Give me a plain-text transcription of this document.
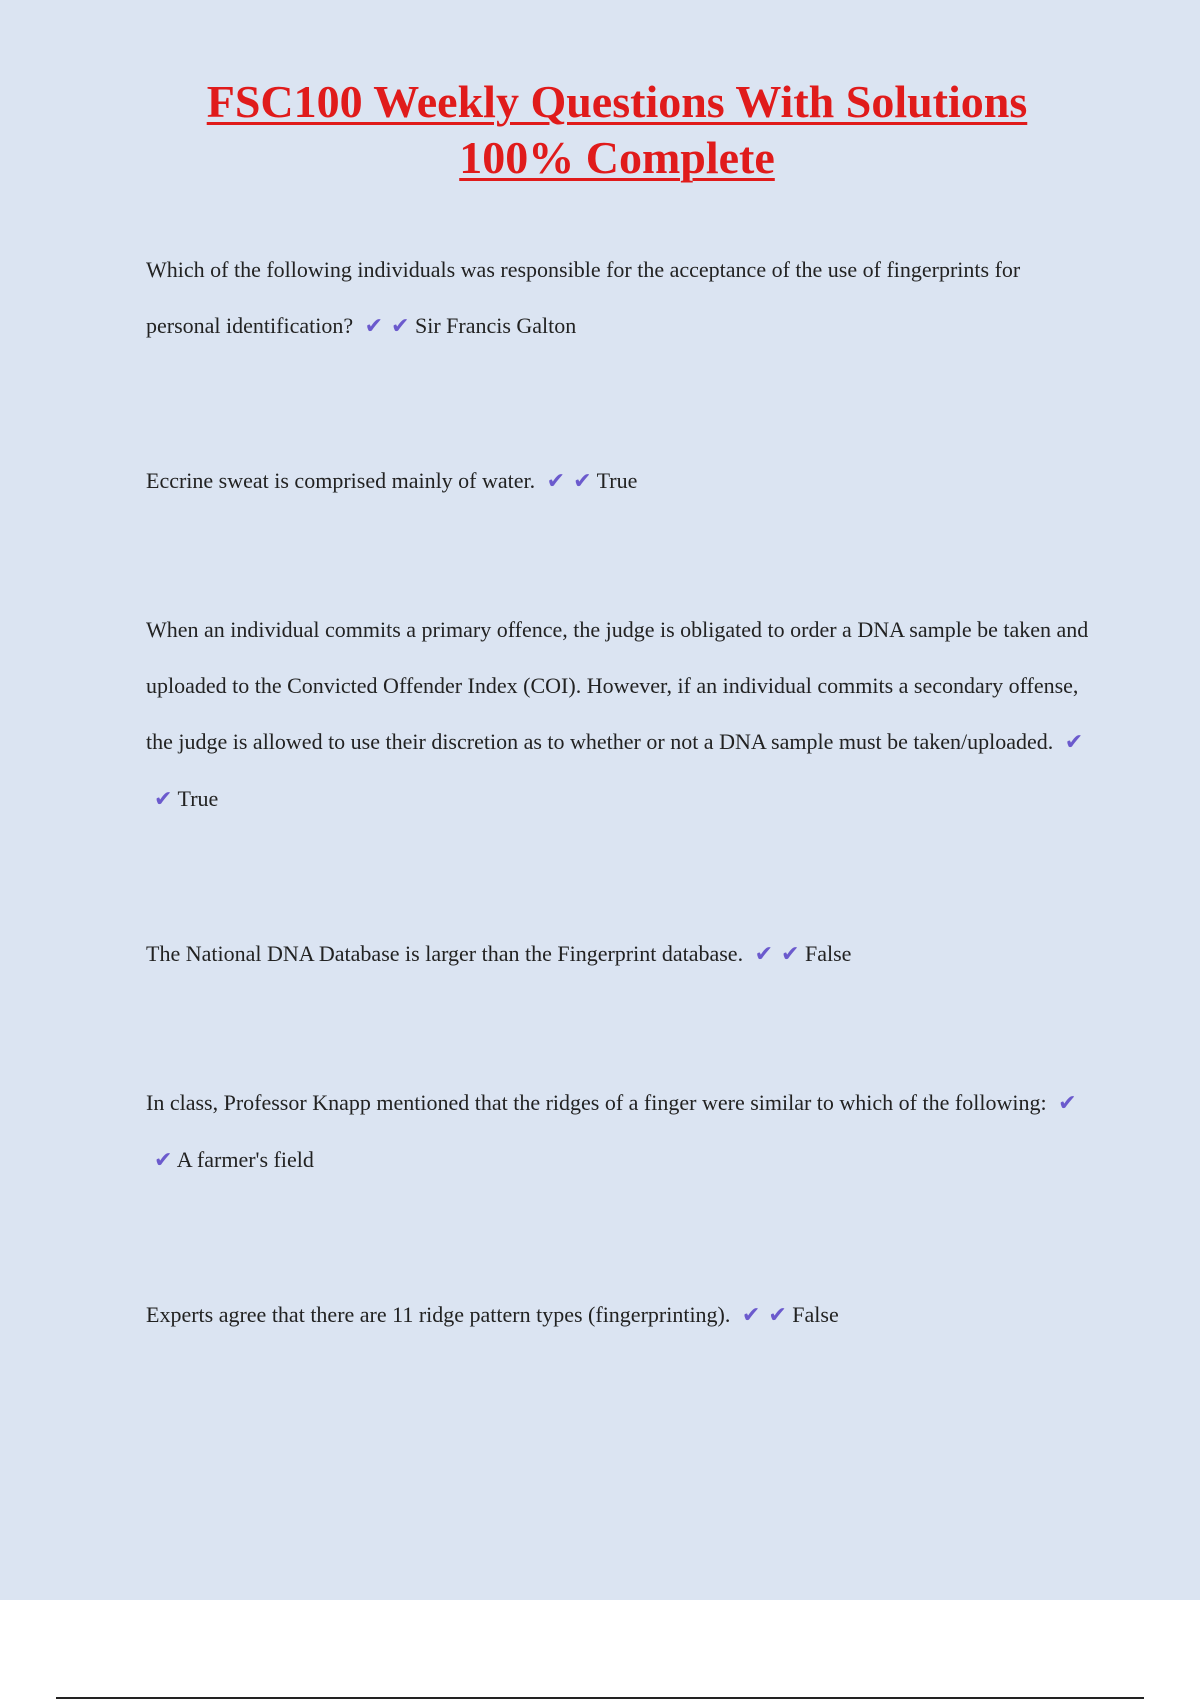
FSC100 Weekly Questions With Solutions
100% Complete
Which of the following individuals was responsible for the acceptance of the use of fingerprints for personal identification? ✔ ✔ Sir Francis Galton
Eccrine sweat is comprised mainly of water. ✔ ✔ True
When an individual commits a primary offence, the judge is obligated to order a DNA sample be taken and uploaded to the Convicted Offender Index (COI). However, if an individual commits a secondary offense, the judge is allowed to use their discretion as to whether or not a DNA sample must be taken/uploaded. ✔✔ True
The National DNA Database is larger than the Fingerprint database. ✔ ✔ False
In class, Professor Knapp mentioned that the ridges of a finger were similar to which of the following: ✔✔ A farmer's field
Experts agree that there are 11 ridge pattern types (fingerprinting). ✔ ✔ False
